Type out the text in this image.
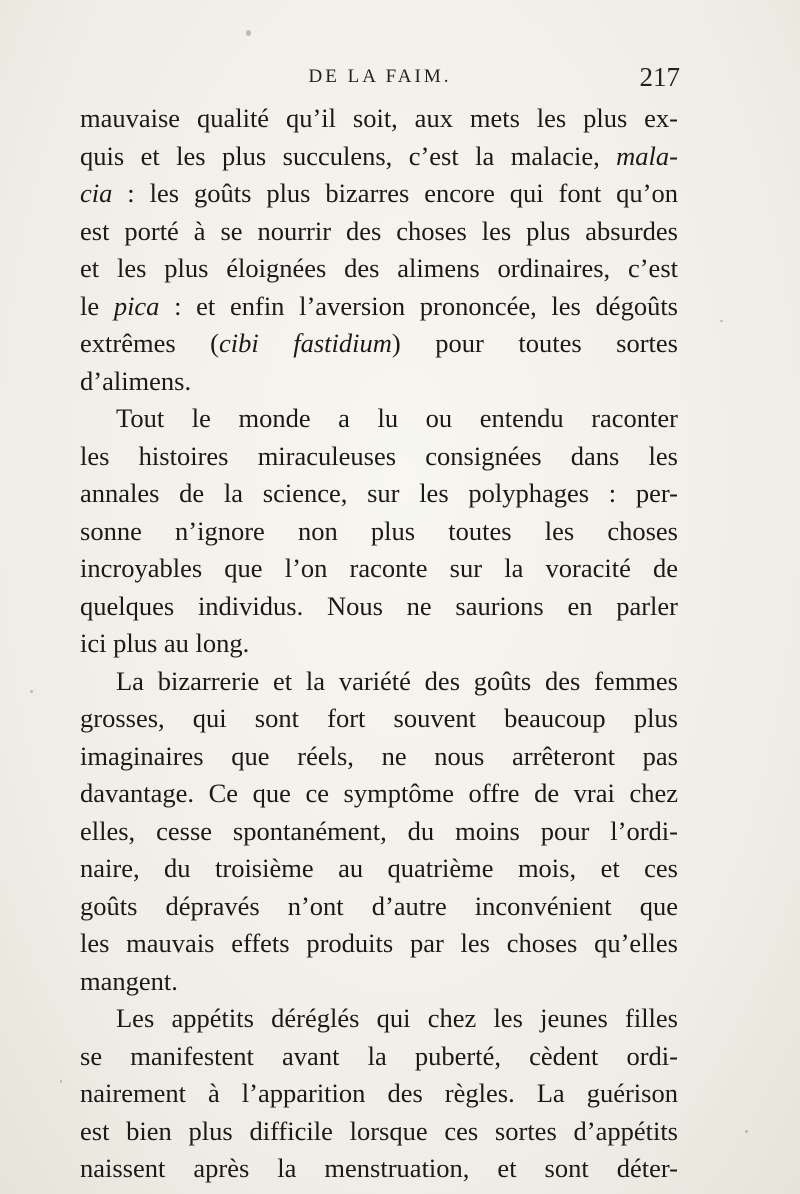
DE LA FAIM.	217
mauvaise qualité qu’il soit, aux mets les plus ex-
quis et les plus succulens, c’est la malacie, mala-
cia : les goûts plus bizarres encore qui font qu’on
est porté à se nourrir des choses les plus absurdes
et les plus éloignées des alimens ordinaires, c’est
le pica : et enfin l’aversion prononcée, les dégoûts
extrêmes (cibi fastidium) pour toutes sortes
d’alimens.
Tout le monde a lu ou entendu raconter
les histoires miraculeuses consignées dans les
annales de la science, sur les polyphages : per-
sonne n’ignore non plus toutes les choses
incroyables que l’on raconte sur la voracité de
quelques individus. Nous ne saurions en parler
ici plus au long.
La bizarrerie et la variété des goûts des femmes
grosses, qui sont fort souvent beaucoup plus
imaginaires que réels, ne nous arrêteront pas
davantage. Ce que ce symptôme offre de vrai chez
elles, cesse spontanément, du moins pour l’ordi-
naire, du troisième au quatrième mois, et ces
goûts dépravés n’ont d’autre inconvénient que
les mauvais effets produits par les choses qu’elles
mangent.
Les appétits déréglés qui chez les jeunes filles
se manifestent avant la puberté, cèdent ordi-
nairement à l’apparition des règles. La guérison
est bien plus difficile lorsque ces sortes d’appétits
naissent après la menstruation, et sont déter-
